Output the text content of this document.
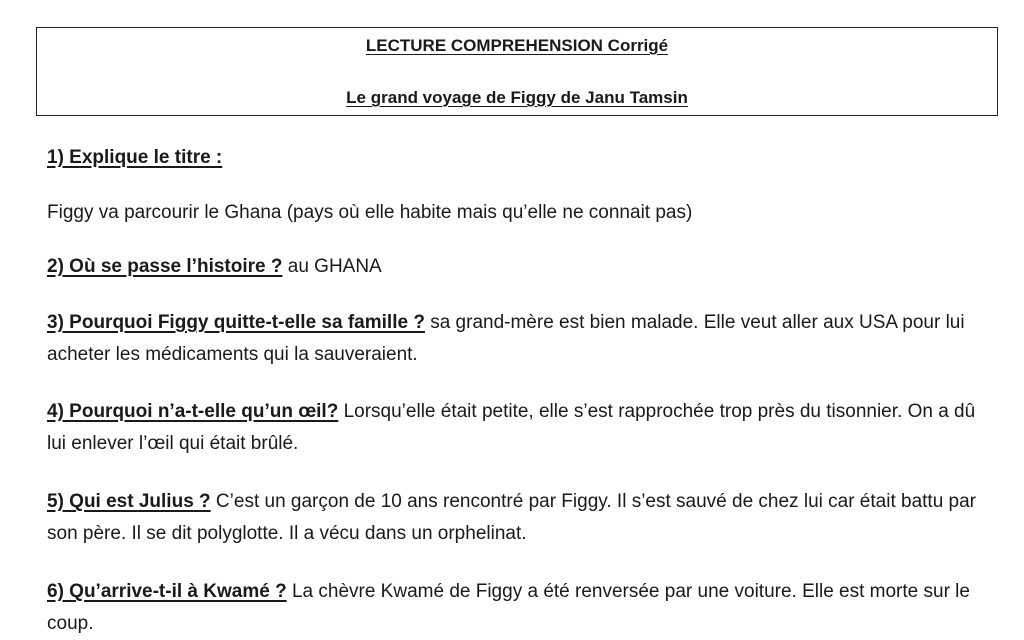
LECTURE COMPREHENSION Corrigé
Le grand voyage de Figgy de Janu Tamsin

1) Explique le titre :

Figgy va parcourir le Ghana (pays où elle habite mais qu’elle ne connait pas)

2) Où se passe l’histoire ? au GHANA

3) Pourquoi Figgy quitte-t-elle sa famille ? sa grand-mère est bien malade. Elle veut aller aux USA pour lui acheter les médicaments qui la sauveraient.

4) Pourquoi n’a-t-elle qu’un œil? Lorsqu’elle était petite, elle s’est rapprochée trop près du tisonnier. On a dû lui enlever l’œil qui était brûlé.

5) Qui est Julius ? C’est un garçon de 10 ans rencontré par Figgy. Il s’est sauvé de chez lui car était battu par son père. Il se dit polyglotte. Il a vécu dans un orphelinat.

6) Qu’arrive-t-il à Kwamé ? La chèvre Kwamé de Figgy a été renversée par une voiture. Elle est morte sur le coup.
